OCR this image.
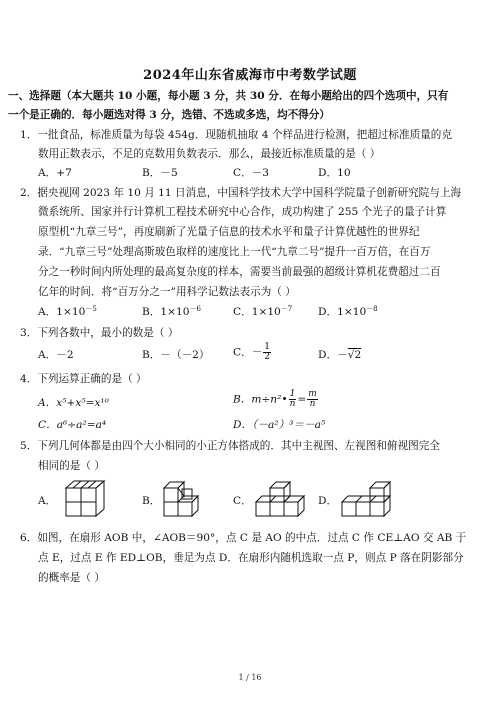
2024年山东省威海市中考数学试题
一、选择题（本大题共 10 小题，每小题 3 分，共 30 分．在每小题给出的四个选项中，只有
一个是正确的．每小题选对得 3 分，选错、不选或多选，均不得分）
1．一批食品，标准质量为每袋 454g．现随机抽取 4 个样品进行检测，把超过标准质量的克
数用正数表示，不足的克数用负数表示．那么，最接近标准质量的是（ ）
A．+7	B．－5	C．－3	D．10
2．据央视网 2023 年 10 月 11 日消息，中国科学技术大学中国科学院量子创新研究院与上海
微系统所、国家并行计算机工程技术研究中心合作，成功构建了 255 个光子的量子计算
原型机“九章三号”，再度刷新了光量子信息的技术水平和量子计算优越性的世界纪
录．“九章三号”处理高斯玻色取样的速度比上一代“九章二号”提升一百万倍，在百万
分之一秒时间内所处理的最高复杂度的样本，需要当前最强的超级计算机花费超过二百
亿年的时间．将“百万分之一”用科学记数法表示为（ ）
A．$1\times 10^{-5}$	B．$1\times 10^{-6}$	C．$1\times 10^{-7}$ D．$1\times 10^{-8}$
3．下列各数中，最小的数是（ ）
A．－2	B．－（－2） C．－ $\frac{1}{2}$	D．－√2
4．下列运算正确的是（ ）
A．x⁵+x⁵=x¹⁰	B．m÷n²• $\frac{1}{n} = \frac{m}{n}$
C．a⁶÷a²=a⁴	D．（－a²）³＝－a⁵
5．下列几何体都是由四个大小相同的小正方体搭成的．其中主视图、左视图和俯视图完全
相同的是（ ）
A．	B．	C．	D．
6．如图，在扇形 AOB 中，∠AOB＝90°，点 C 是 AO 的中点．过点 C 作 CE⊥AO 交 AB 于
点 E，过点 E 作 ED⊥OB，垂足为点 D．在扇形内随机选取一点 P，则点 P 落在阴影部分
的概率是（ ）
1 / 16
